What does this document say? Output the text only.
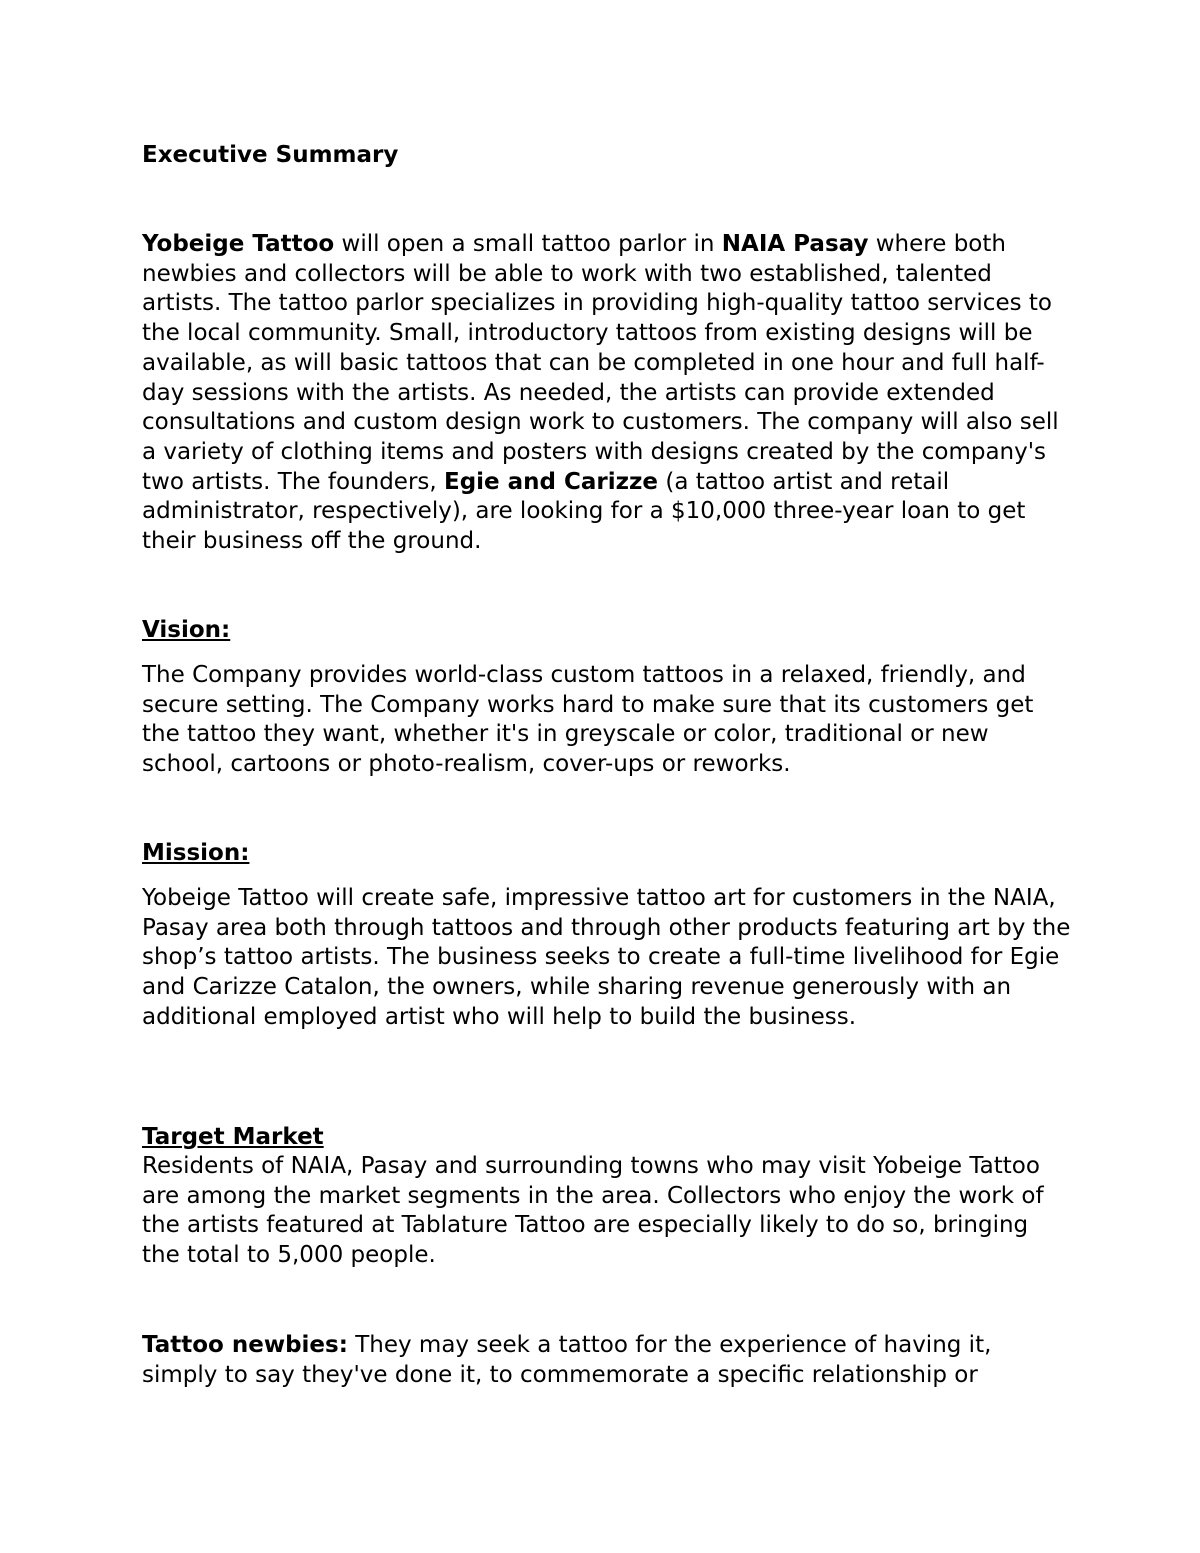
Executive Summary

Yobeige Tattoo will open a small tattoo parlor in NAIA Pasay where both newbies and collectors will be able to work with two established, talented artists. The tattoo parlor specializes in providing high-quality tattoo services to the local community. Small, introductory tattoos from existing designs will be available, as will basic tattoos that can be completed in one hour and full half-day sessions with the artists. As needed, the artists can provide extended consultations and custom design work to customers. The company will also sell a variety of clothing items and posters with designs created by the company's two artists. The founders, Egie and Carizze (a tattoo artist and retail administrator, respectively), are looking for a $10,000 three-year loan to get their business off the ground.

Vision:

The Company provides world-class custom tattoos in a relaxed, friendly, and secure setting. The Company works hard to make sure that its customers get the tattoo they want, whether it's in greyscale or color, traditional or new school, cartoons or photo-realism, cover-ups or reworks.

Mission:

Yobeige Tattoo will create safe, impressive tattoo art for customers in the NAIA, Pasay area both through tattoos and through other products featuring art by the shop’s tattoo artists. The business seeks to create a full-time livelihood for Egie and Carizze Catalon, the owners, while sharing revenue generously with an additional employed artist who will help to build the business.

Target Market

Residents of NAIA, Pasay and surrounding towns who may visit Yobeige Tattoo are among the market segments in the area. Collectors who enjoy the work of the artists featured at Tablature Tattoo are especially likely to do so, bringing the total to 5,000 people.

Tattoo newbies: They may seek a tattoo for the experience of having it, simply to say they've done it, to commemorate a specific relationship or
